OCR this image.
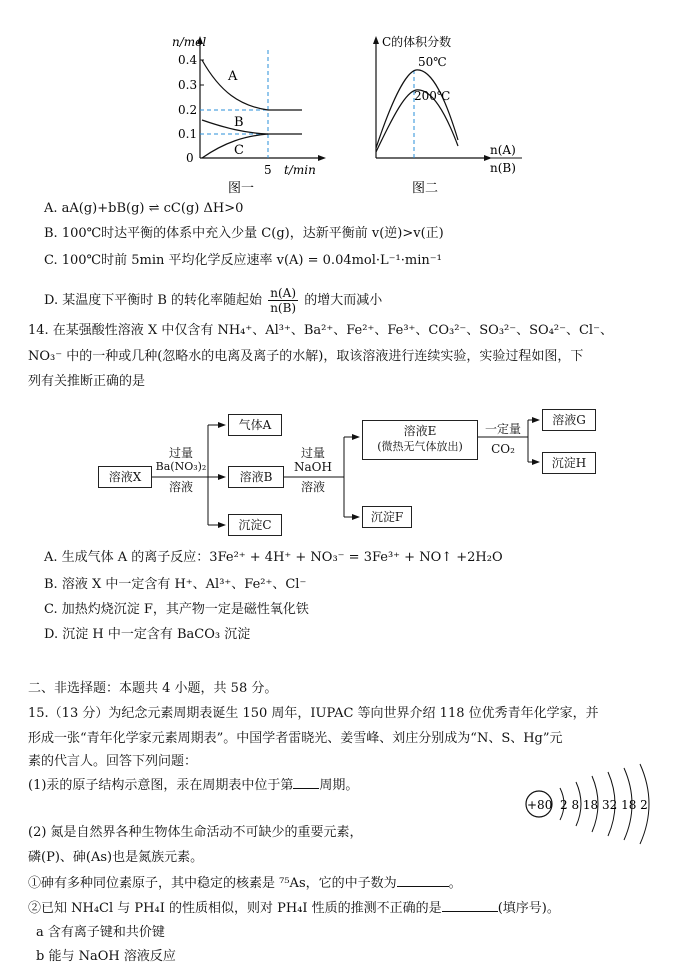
n/mol
0.4
0.3
0.2
0.1
0
A
B
C
5 t/min
图一
C的体积分数
50℃
200℃
n(A)
n(B)
图二
A. aA(g)+bB(g) ⇌ cC(g) ΔH>0
B. 100℃时达平衡的体系中充入少量 C(g)，达新平衡前 v(逆)>v(正)
C. 100℃时前 5min 平均化学反应速率 v(A) = 0.04mol·L⁻¹·min⁻¹
D. 某温度下平衡时 B 的转化率随起始 $\frac{n(A)}{n(B)}$ 的增大而减小
14. 在某强酸性溶液 X 中仅含有 NH₄⁺、Al³⁺、Ba²⁺、Fe²⁺、Fe³⁺、CO₃²⁻、SO₃²⁻、SO₄²⁻、Cl⁻、
NO₃⁻ 中的一种或几种(忽略水的电离及离子的水解)，取该溶液进行连续实验，实验过程如图，下
列有关推断正确的是
溶液X
过量
Ba(NO₃)₂
溶液
气体A
溶液B
沉淀C
过量
NaOH
溶液
溶液E
(微热无气体放出)
沉淀F
一定量
CO₂
溶液G
沉淀H
A. 生成气体 A 的离子反应：3Fe²⁺ + 4H⁺ + NO₃⁻ = 3Fe³⁺ + NO↑ +2H₂O
B. 溶液 X 中一定含有 H⁺、Al³⁺、Fe²⁺、Cl⁻
C. 加热灼烧沉淀 F，其产物一定是磁性氧化铁
D. 沉淀 H 中一定含有 BaCO₃ 沉淀
二、非选择题：本题共 4 小题，共 58 分。
15.（13 分）为纪念元素周期表诞生 150 周年，IUPAC 等向世界介绍 118 位优秀青年化学家，并
形成一张“青年化学家元素周期表”。中国学者雷晓光、姜雪峰、刘庄分别成为“N、S、Hg”元
素的代言人。回答下列问题：
(1)汞的原子结构示意图，汞在周期表中位于第 周期。
+80 2 8 18 32 18 2
(2) 氮是自然界各种生物体生命活动不可缺少的重要元素，
磷(P)、砷(As)也是氮族元素。
①砷有多种同位素原子，其中稳定的核素是 ⁷⁵As，它的中子数为	。
②已知 NH₄Cl 与 PH₄I 的性质相似，则对 PH₄I 性质的推测不正确的是	(填序号)。
a 含有离子键和共价键
b 能与 NaOH 溶液反应
